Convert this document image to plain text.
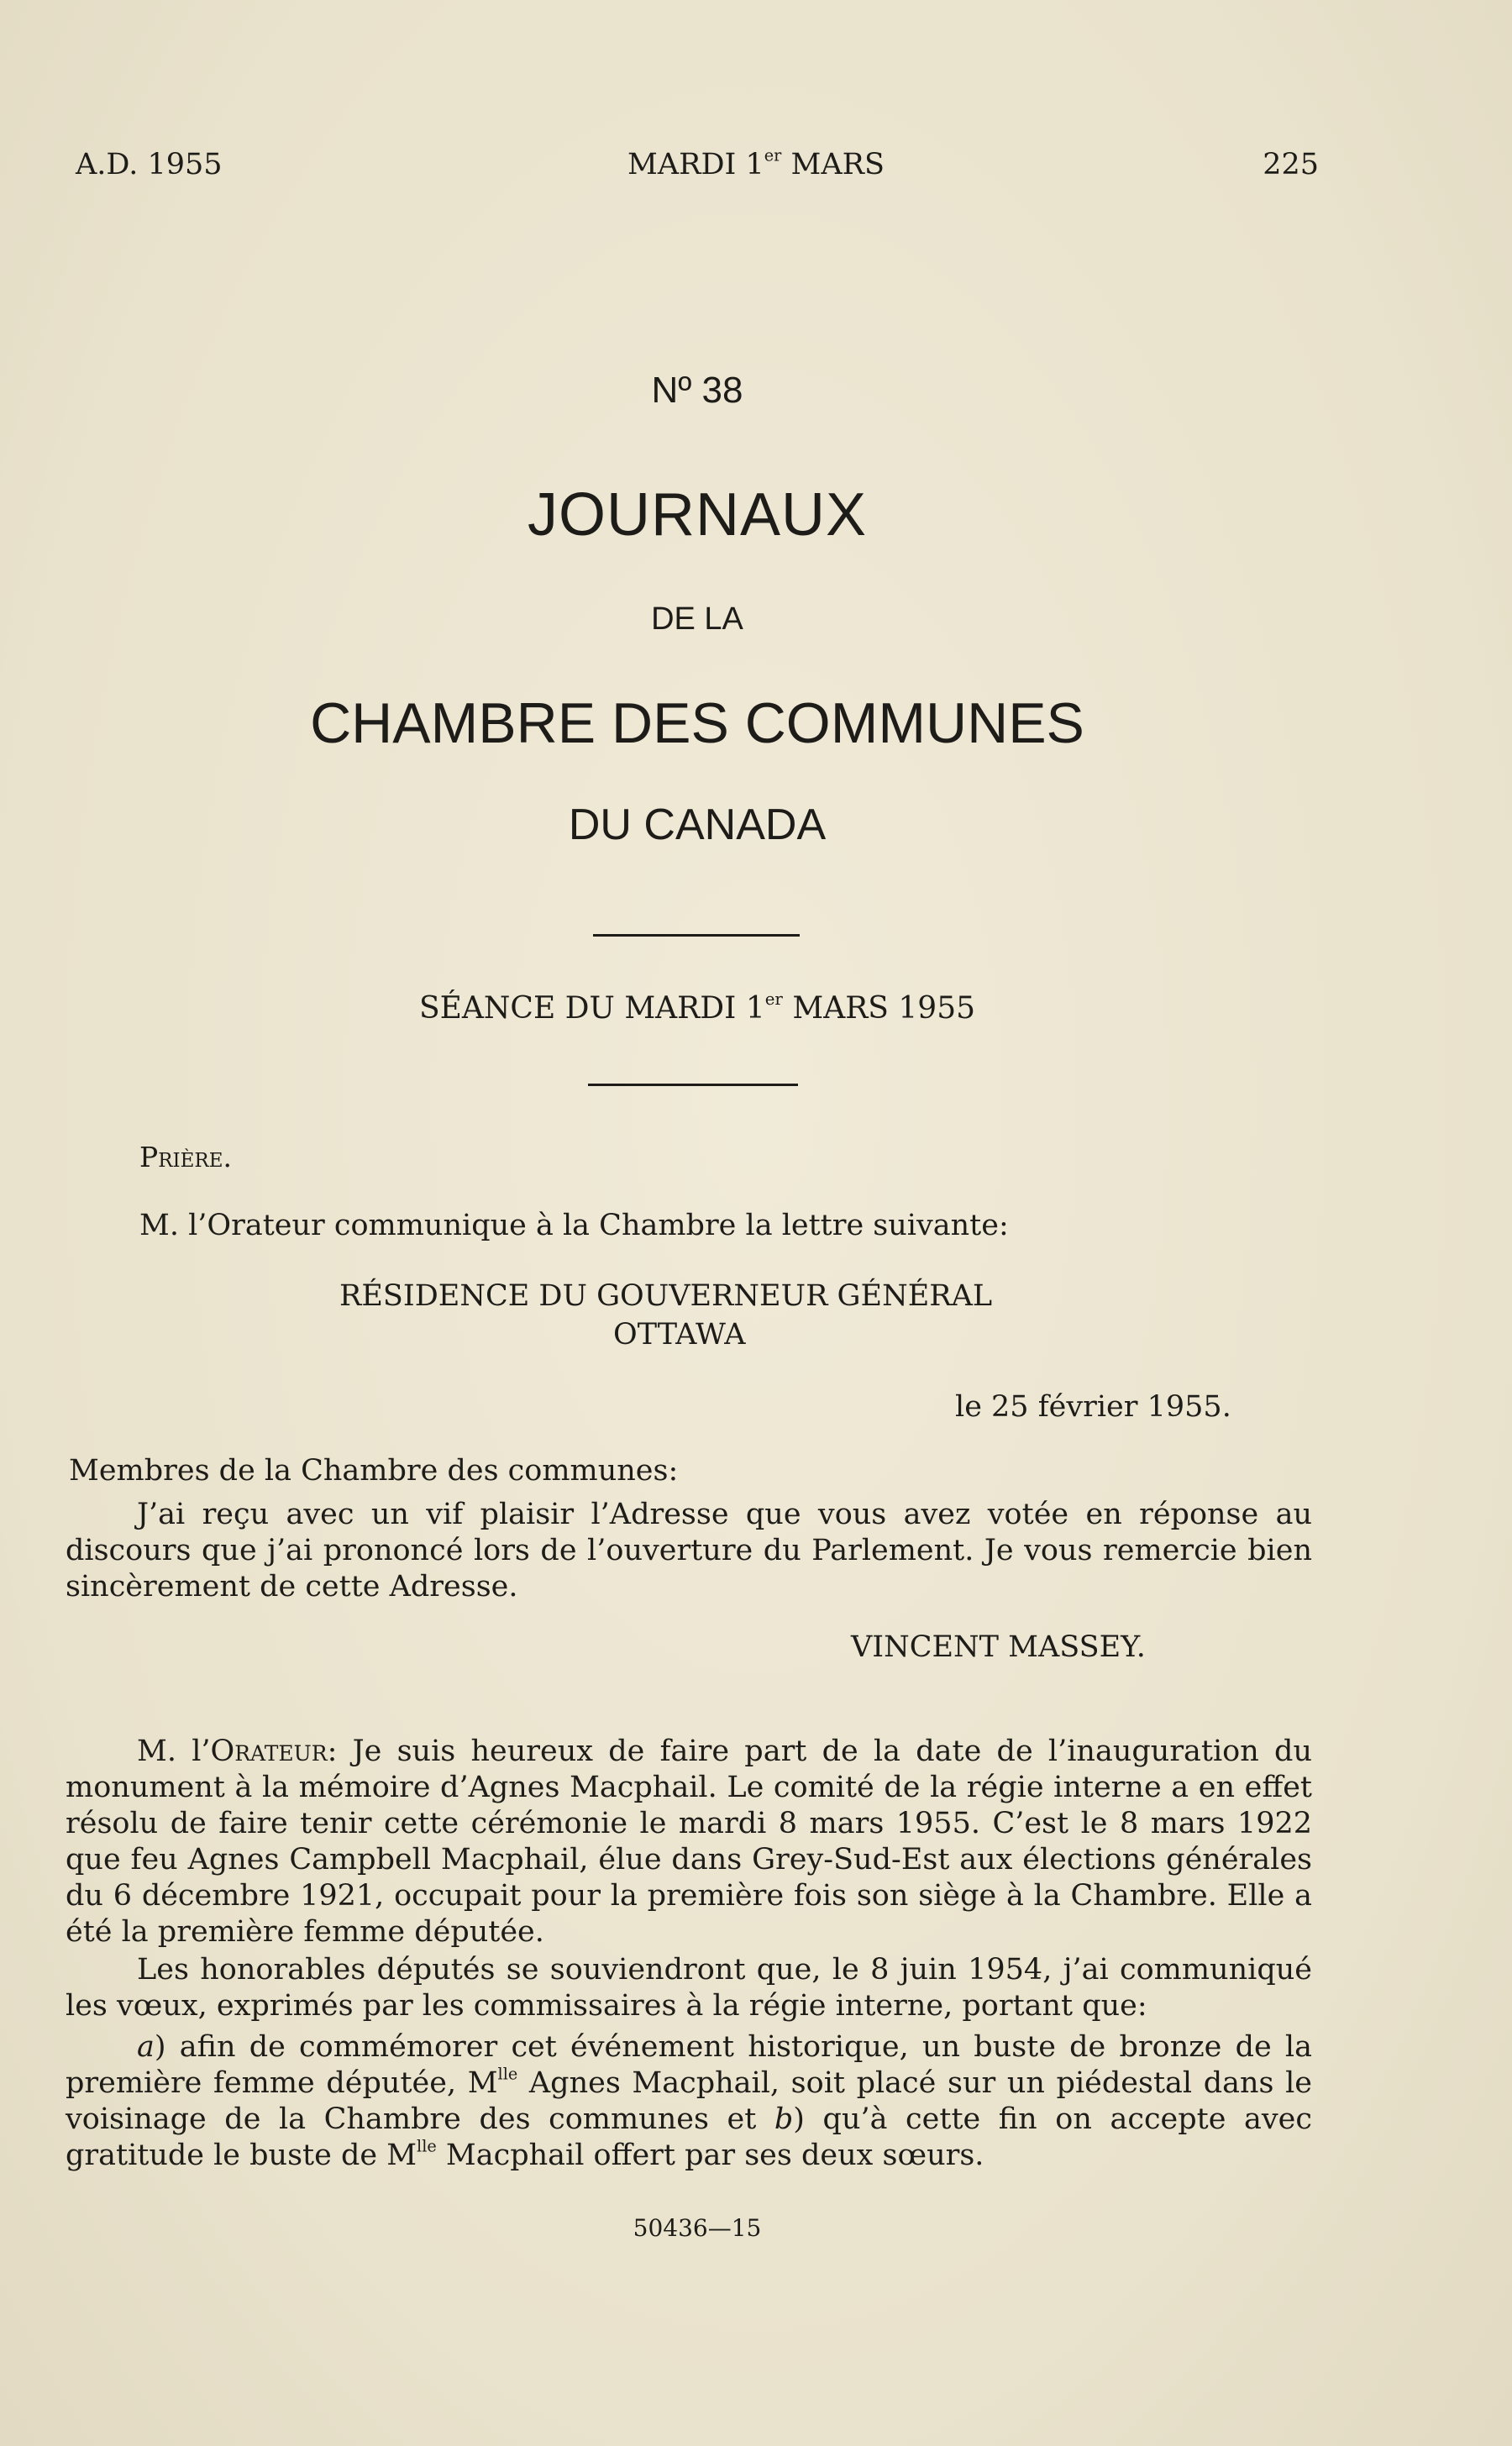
A.D. 1955	MARDI 1er MARS	225
Nº 38
JOURNAUX
DE LA
CHAMBRE DES COMMUNES
DU CANADA
SÉANCE DU MARDI 1er MARS 1955
Prière.
M. l’Orateur communique à la Chambre la lettre suivante:
RÉSIDENCE DU GOUVERNEUR GÉNÉRAL
OTTAWA
le 25 février 1955.
Membres de la Chambre des communes:

J’ai reçu avec un vif plaisir l’Adresse que vous avez votée en réponse au discours que j’ai prononcé lors de l’ouverture du Parlement. Je vous remercie bien sincèrement de cette Adresse.

VINCENT MASSEY.

M. l’Orateur: Je suis heureux de faire part de la date de l’inauguration du monument à la mémoire d’Agnes Macphail. Le comité de la régie interne a en effet résolu de faire tenir cette cérémonie le mardi 8 mars 1955. C’est le 8 mars 1922 que feu Agnes Campbell Macphail, élue dans Grey-Sud-Est aux élections générales du 6 décembre 1921, occupait pour la première fois son siège à la Chambre. Elle a été la première femme députée.

Les honorables députés se souviendront que, le 8 juin 1954, j’ai communiqué les vœux, exprimés par les commissaires à la régie interne, portant que:

a) afin de commémorer cet événement historique, un buste de bronze de la première femme députée, $M^{lle}$ Agnes Macphail, soit placé sur un piédestal dans le voisinage de la Chambre des communes et b) qu’à cette fin on accepte avec gratitude le buste de $M^{lle}$ Macphail offert par ses deux sœurs.

50436—15
